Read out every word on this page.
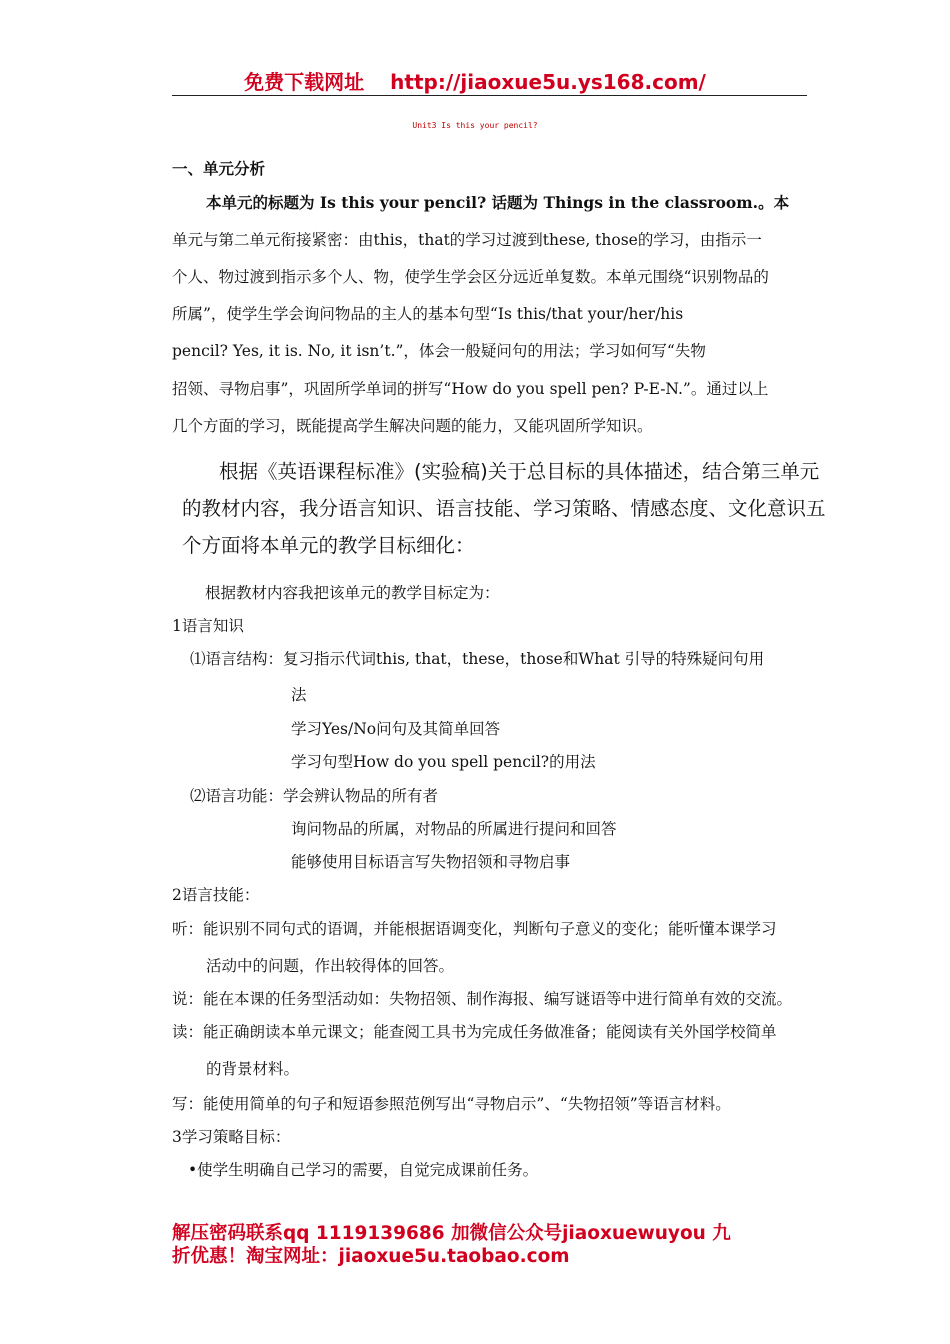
免费下载网址 http://jiaoxue5u.ys168.com/
Unit3 Is this your pencil?
一、单元分析
本单元的标题为 Is this your pencil? 话题为 Things in the classroom.。本
单元与第二单元衔接紧密：由this，that的学习过渡到these, those的学习，由指示一
个人、物过渡到指示多个人、物，使学生学会区分远近单复数。本单元围绕“识别物品的
所属”，使学生学会询问物品的主人的基本句型“Is this/that your/her/his
pencil? Yes, it is. No, it isn’t.”，体会一般疑问句的用法；学习如何写“失物
招领、寻物启事”，巩固所学单词的拼写“How do you spell pen? P-E-N.”。通过以上
几个方面的学习，既能提高学生解决问题的能力，又能巩固所学知识。
根据《英语课程标准》(实验稿)关于总目标的具体描述，结合第三单元
的教材内容，我分语言知识、语言技能、学习策略、情感态度、文化意识五
个方面将本单元的教学目标细化：
根据教材内容我把该单元的教学目标定为：
1语言知识
⑴语言结构：复习指示代词this, that，these，those和What 引导的特殊疑问句用
法
学习Yes/No问句及其简单回答
学习句型How do you spell pencil?的用法
⑵语言功能：学会辨认物品的所有者
询问物品的所属，对物品的所属进行提问和回答
能够使用目标语言写失物招领和寻物启事
2语言技能：
听：能识别不同句式的语调，并能根据语调变化，判断句子意义的变化；能听懂本课学习
活动中的问题，作出较得体的回答。
说：能在本课的任务型活动如：失物招领、制作海报、编写谜语等中进行简单有效的交流。
读：能正确朗读本单元课文；能查阅工具书为完成任务做准备；能阅读有关外国学校简单
的背景材料。
写：能使用简单的句子和短语参照范例写出“寻物启示”、“失物招领”等语言材料。
3学习策略目标：
•使学生明确自己学习的需要，自觉完成课前任务。
解压密码联系qq 1119139686 加微信公众号jiaoxuewuyou 九
折优惠！淘宝网址：jiaoxue5u.taobao.com
